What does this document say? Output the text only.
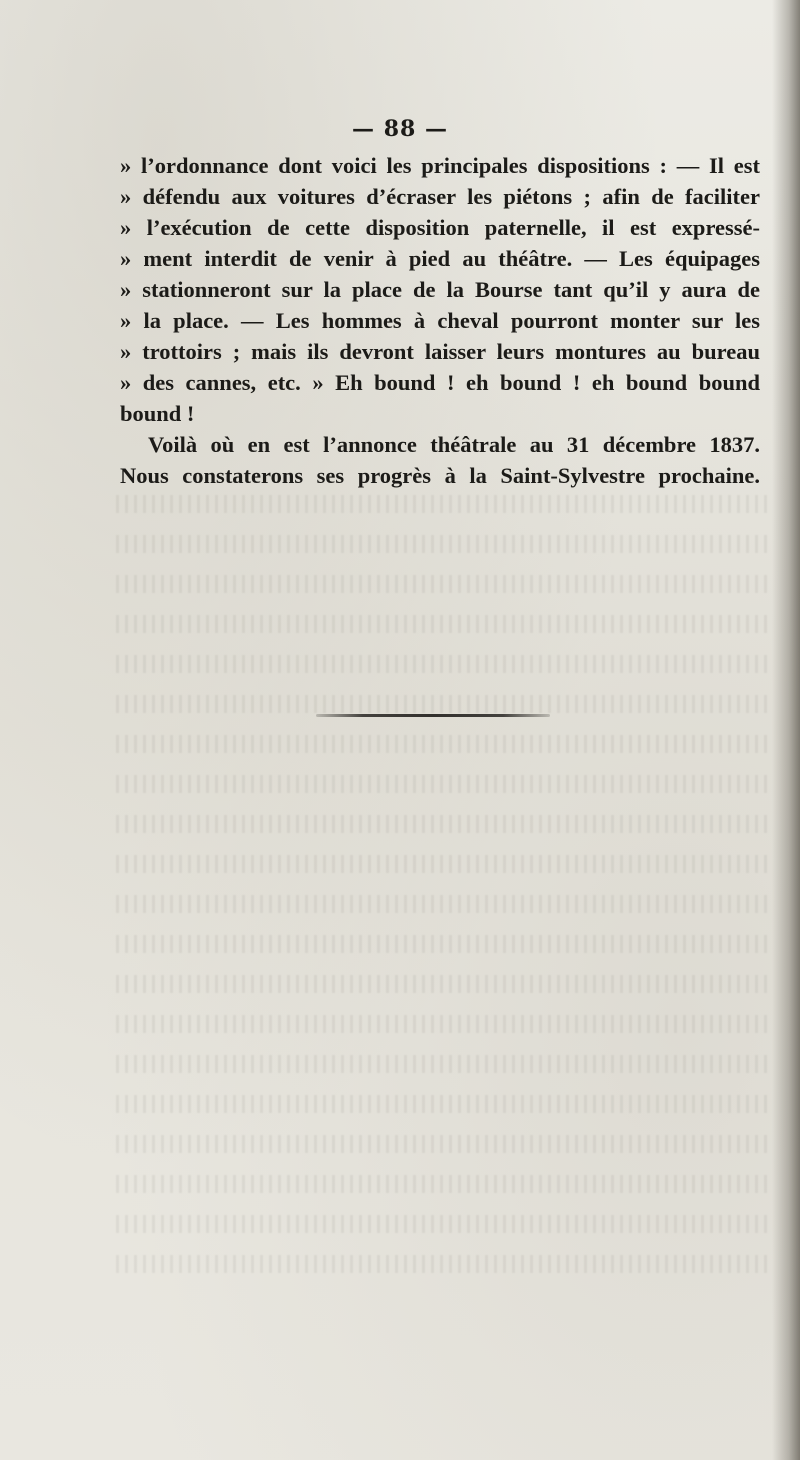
— 88 —
» l’ordonnance dont voici les principales dispositions : — Il est
» défendu aux voitures d’écraser les piétons ; afin de faciliter
» l’exécution de cette disposition paternelle, il est expressé-
» ment interdit de venir à pied au théâtre. — Les équipages
» stationneront sur la place de la Bourse tant qu’il y aura de
» la place. — Les hommes à cheval pourront monter sur les
» trottoirs ; mais ils devront laisser leurs montures au bureau
» des cannes, etc. » Eh bound ! eh bound ! eh bound bound
bound !
Voilà où en est l’annonce théâtrale au 31 décembre 1837.
Nous constaterons ses progrès à la Saint-Sylvestre prochaine.
